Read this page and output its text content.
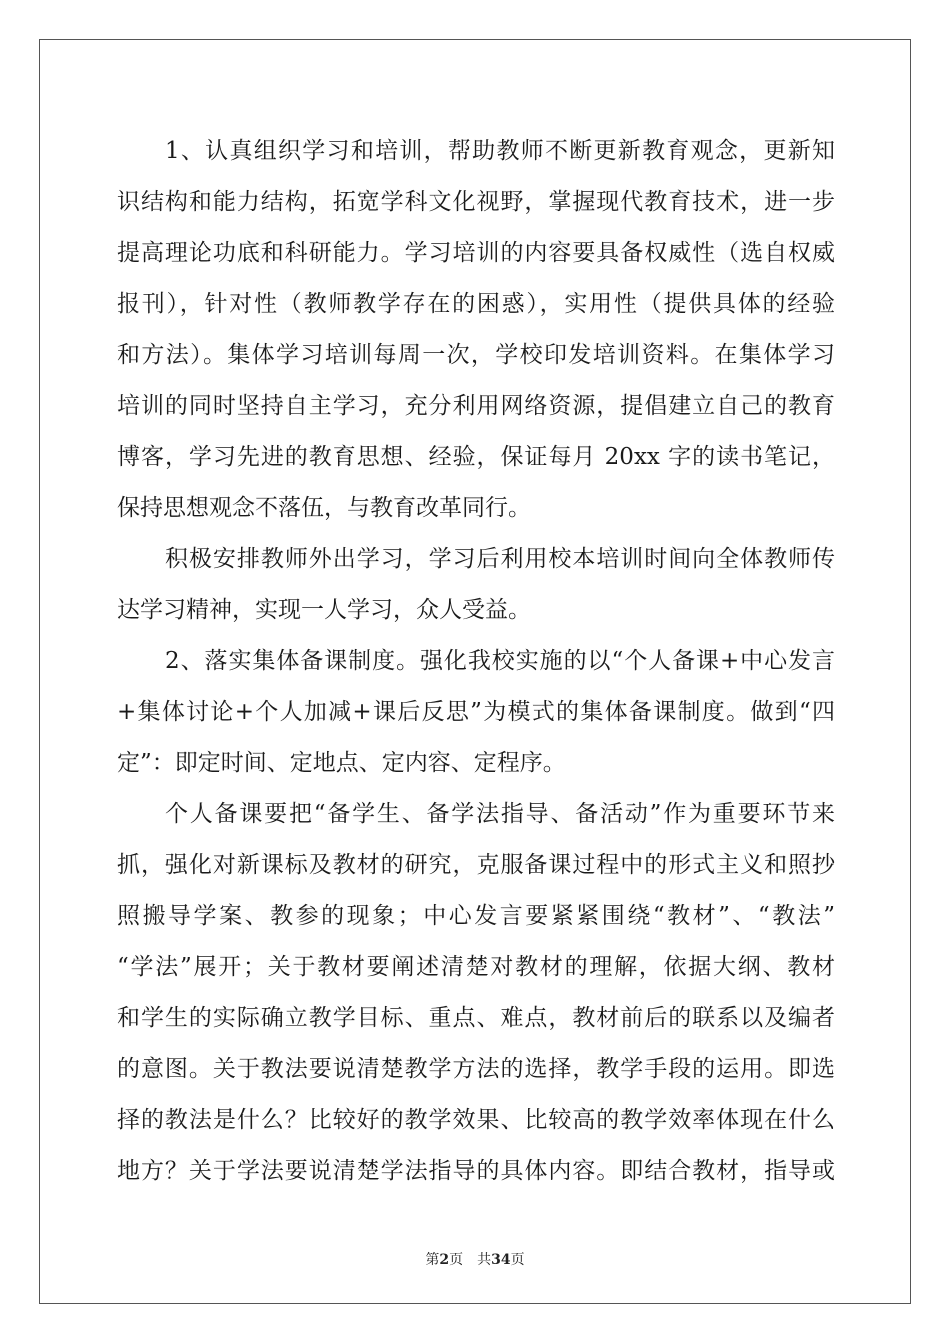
1、认真组织学习和培训，帮助教师不断更新教育观念，更新知
识结构和能力结构，拓宽学科文化视野，掌握现代教育技术，进一步
提高理论功底和科研能力。学习培训的内容要具备权威性（选自权威
报刊），针对性（教师教学存在的困惑），实用性（提供具体的经验
和方法）。集体学习培训每周一次，学校印发培训资料。在集体学习
培训的同时坚持自主学习，充分利用网络资源，提倡建立自己的教育
博客，学习先进的教育思想、经验，保证每月 20xx 字的读书笔记，
保持思想观念不落伍，与教育改革同行。
积极安排教师外出学习，学习后利用校本培训时间向全体教师传
达学习精神，实现一人学习，众人受益。
2、落实集体备课制度。强化我校实施的以“个人备课+中心发言
+集体讨论+个人加减+课后反思”为模式的集体备课制度。做到“四
定”：即定时间、定地点、定内容、定程序。
个人备课要把“备学生、备学法指导、备活动”作为重要环节来
抓，强化对新课标及教材的研究，克服备课过程中的形式主义和照抄
照搬导学案、教参的现象；中心发言要紧紧围绕“教材”、“教法”
“学法”展开；关于教材要阐述清楚对教材的理解，依据大纲、教材
和学生的实际确立教学目标、重点、难点，教材前后的联系以及编者
的意图。关于教法要说清楚教学方法的选择，教学手段的运用。即选
择的教法是什么？比较好的教学效果、比较高的教学效率体现在什么
地方？关于学法要说清楚学法指导的具体内容。即结合教材，指导或
第2页 共34页
